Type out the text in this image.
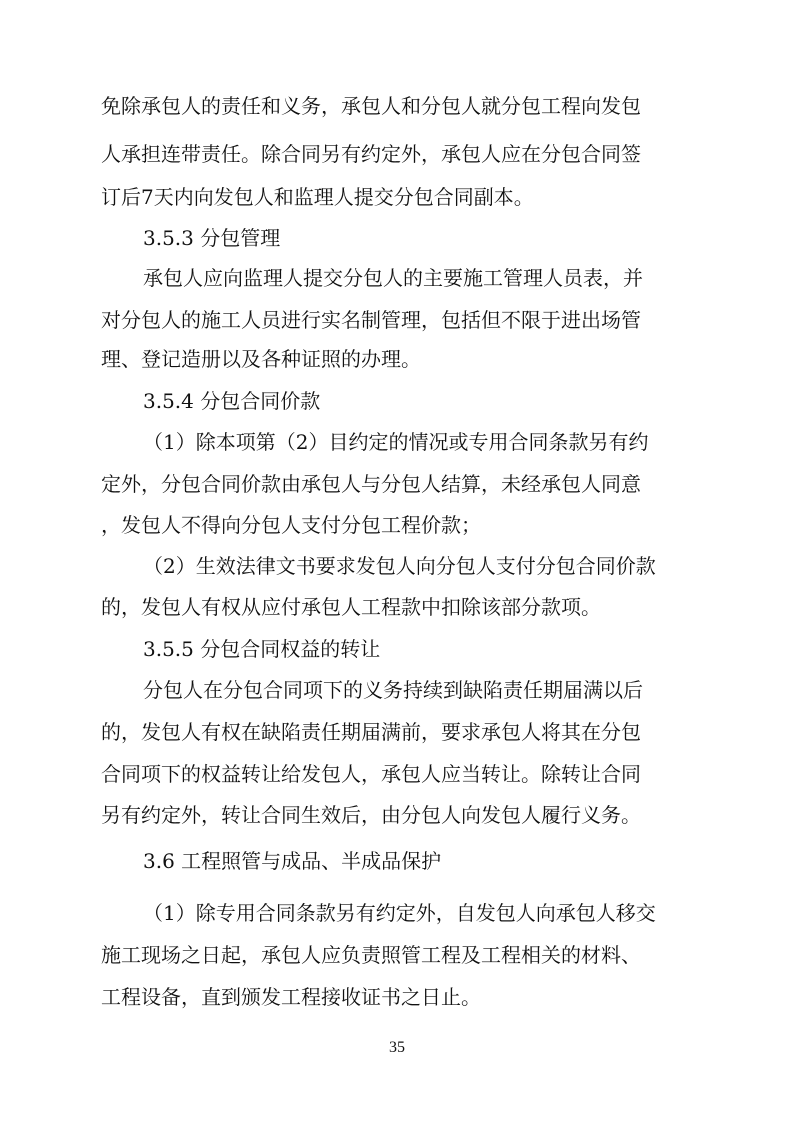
免除承包人的责任和义务，承包人和分包人就分包工程向发包

人承担连带责任。除合同另有约定外，承包人应在分包合同签

订后7天内向发包人和监理人提交分包合同副本。

3.5.3 分包管理

承包人应向监理人提交分包人的主要施工管理人员表，并

对分包人的施工人员进行实名制管理，包括但不限于进出场管

理、登记造册以及各种证照的办理。

3.5.4 分包合同价款

（1）除本项第（2）目约定的情况或专用合同条款另有约

定外，分包合同价款由承包人与分包人结算，未经承包人同意

，发包人不得向分包人支付分包工程价款；

（2）生效法律文书要求发包人向分包人支付分包合同价款

的，发包人有权从应付承包人工程款中扣除该部分款项。

3.5.5 分包合同权益的转让

分包人在分包合同项下的义务持续到缺陷责任期届满以后

的，发包人有权在缺陷责任期届满前，要求承包人将其在分包

合同项下的权益转让给发包人，承包人应当转让。除转让合同

另有约定外，转让合同生效后，由分包人向发包人履行义务。

3.6 工程照管与成品、半成品保护

（1）除专用合同条款另有约定外，自发包人向承包人移交

施工现场之日起，承包人应负责照管工程及工程相关的材料、

工程设备，直到颁发工程接收证书之日止。

35
